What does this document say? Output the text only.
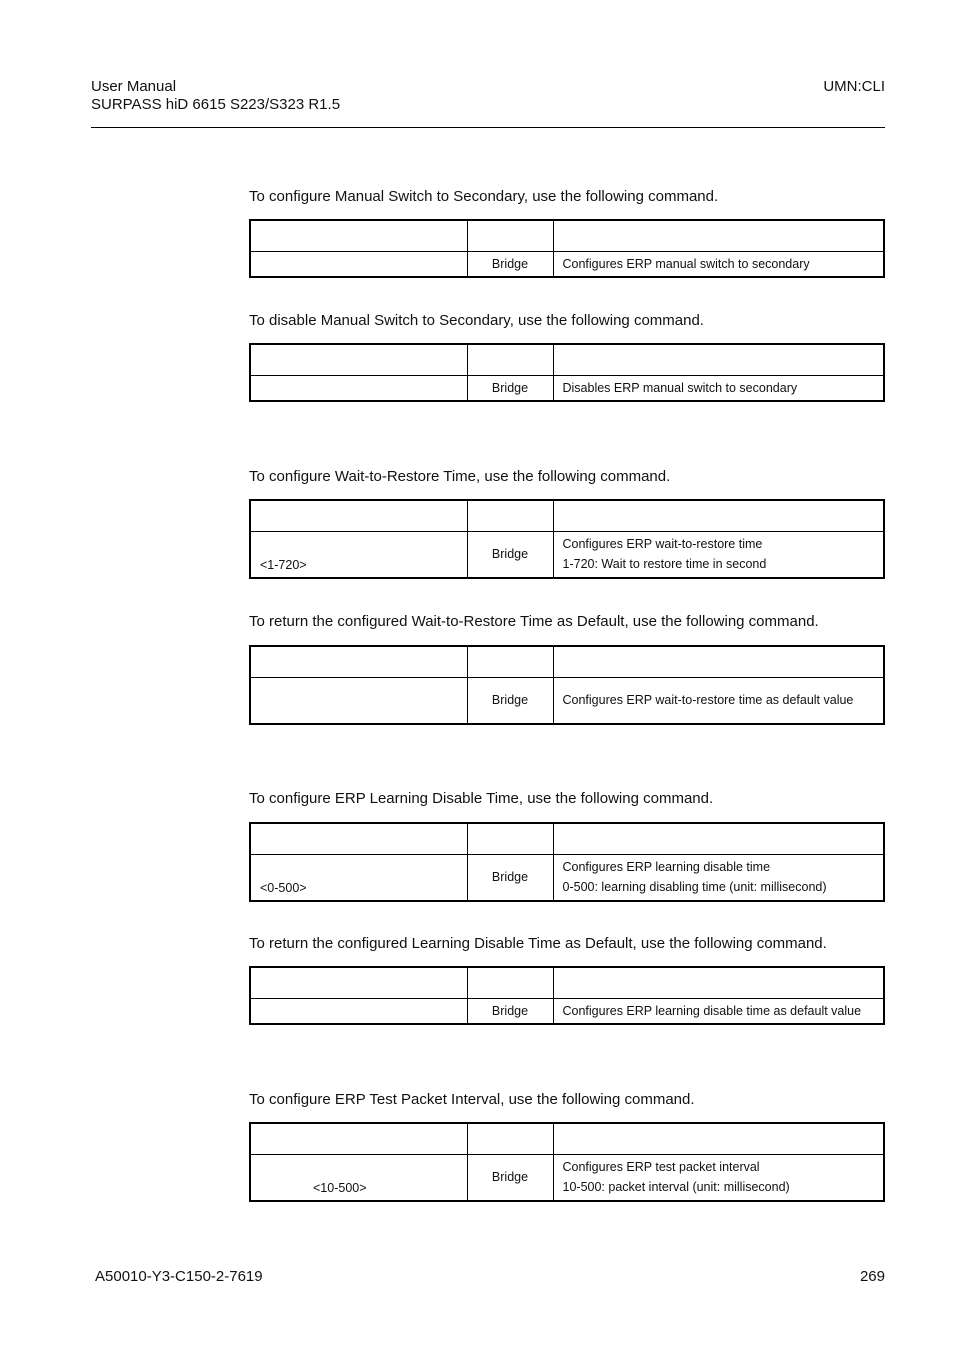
User Manual
SURPASS hiD 6615 S223/S323 R1.5
UMN:CLI
To configure Manual Switch to Secondary, use the following command.

	Bridge	Configures ERP manual switch to secondary
To disable Manual Switch to Secondary, use the following command.

	Bridge	Disables ERP manual switch to secondary
To configure Wait-to-Restore Time, use the following command.

<1-720>	Bridge	Configures ERP wait-to-restore time
1-720: Wait to restore time in second
To return the configured Wait-to-Restore Time as Default, use the following command.

	Bridge	Configures ERP wait-to-restore time as default value
To configure ERP Learning Disable Time, use the following command.

<0-500>	Bridge	Configures ERP learning disable time
0-500: learning disabling time (unit: millisecond)
To return the configured Learning Disable Time as Default, use the following command.

	Bridge	Configures ERP learning disable time as default value
To configure ERP Test Packet Interval, use the following command.

<10-500>	Bridge	Configures ERP test packet interval
10-500: packet interval (unit: millisecond)
A50010-Y3-C150-2-7619	269
